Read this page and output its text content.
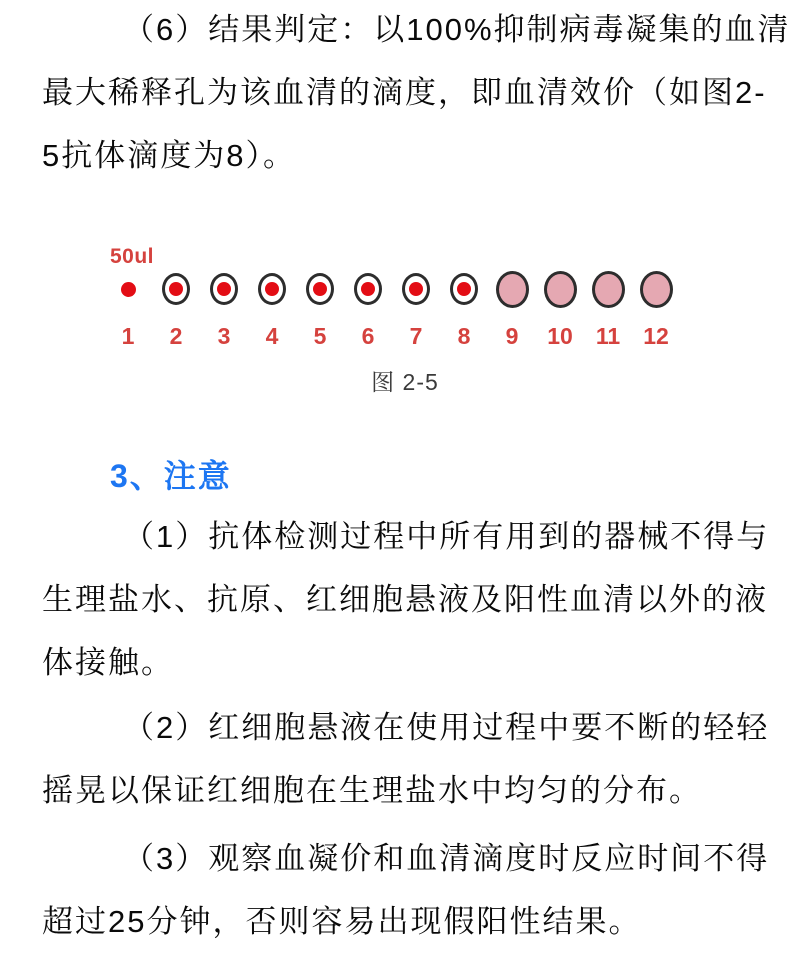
（6）结果判定：以100%抑制病毒凝集的血清
最大稀释孔为该血清的滴度，即血清效价（如图2-
5抗体滴度为8）。
50ul
1 2 3 4 5 6 7 8 9 10 11 12
图 2-5
3、注意
（1）抗体检测过程中所有用到的器械不得与
生理盐水、抗原、红细胞悬液及阳性血清以外的液
体接触。
（2）红细胞悬液在使用过程中要不断的轻轻
摇晃以保证红细胞在生理盐水中均匀的分布。
（3）观察血凝价和血清滴度时反应时间不得
超过25分钟，否则容易出现假阳性结果。
